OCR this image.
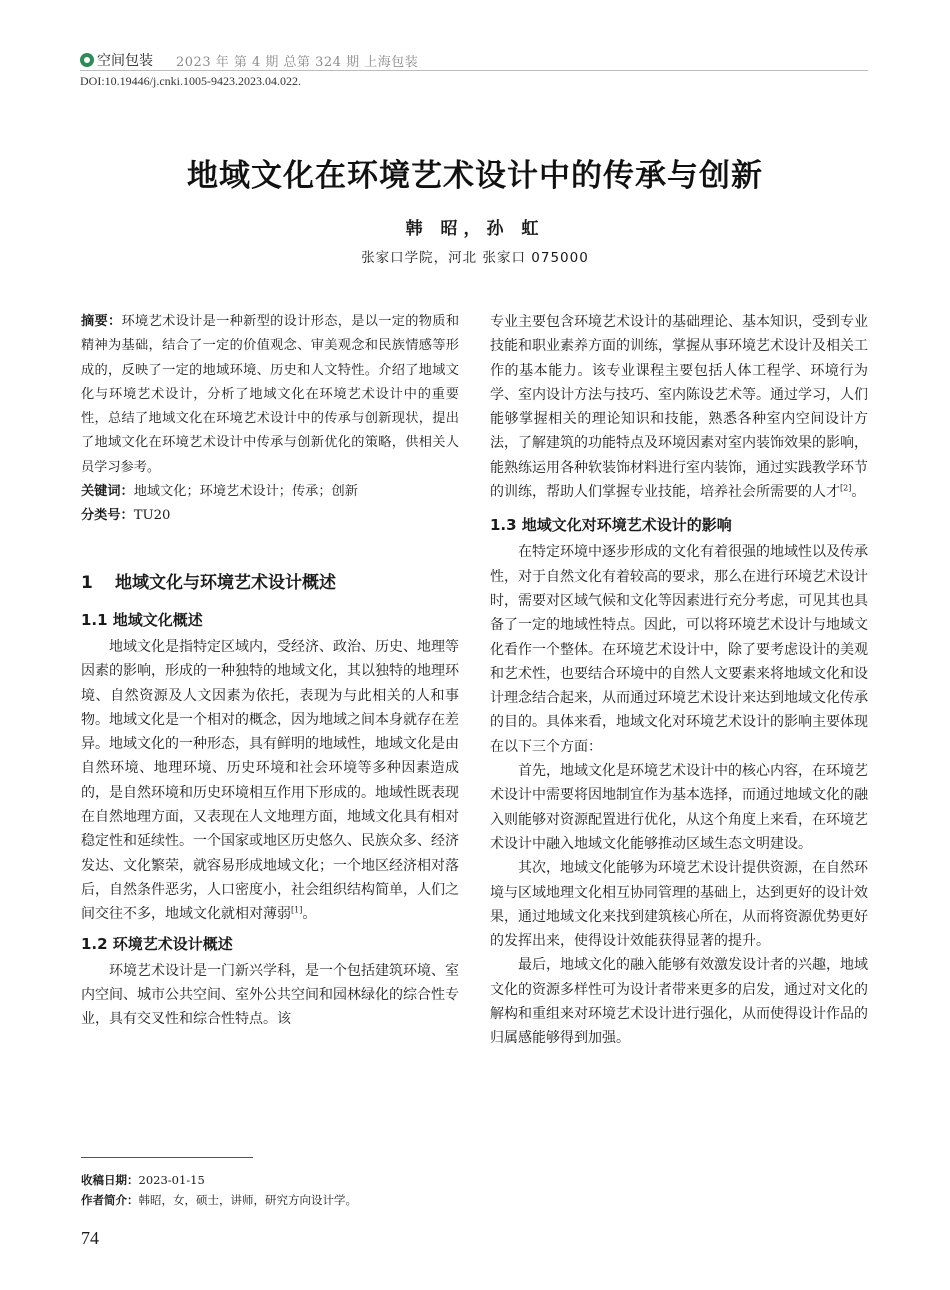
空间包装 2023 年 第 4 期 总第 324 期 上海包装
DOI:10.19446/j.cnki.1005-9423.2023.04.022.
地域文化在环境艺术设计中的传承与创新
韩 昭，孙 虹
张家口学院，河北 张家口 075000
摘要：环境艺术设计是一种新型的设计形态，是以一定的物质和精神为基础，结合了一定的价值观念、审美观念和民族情感等形成的，反映了一定的地域环境、历史和人文特性。介绍了地域文化与环境艺术设计，分析了地域文化在环境艺术设计中的重要性，总结了地域文化在环境艺术设计中的传承与创新现状，提出了地域文化在环境艺术设计中传承与创新优化的策略，供相关人员学习参考。
关键词：地域文化；环境艺术设计；传承；创新
分类号：TU20
1 地域文化与环境艺术设计概述
1.1 地域文化概述

地域文化是指特定区域内，受经济、政治、历史、地理等因素的影响，形成的一种独特的地域文化，其以独特的地理环境、自然资源及人文因素为依托，表现为与此相关的人和事物。地域文化是一个相对的概念，因为地域之间本身就存在差异。地域文化的一种形态，具有鲜明的地域性，地域文化是由自然环境、地理环境、历史环境和社会环境等多种因素造成的，是自然环境和历史环境相互作用下形成的。地域性既表现在自然地理方面，又表现在人文地理方面，地域文化具有相对稳定性和延续性。一个国家或地区历史悠久、民族众多、经济发达、文化繁荣，就容易形成地域文化；一个地区经济相对落后，自然条件恶劣，人口密度小，社会组织结构简单，人们之间交往不多，地域文化就相对薄弱[1]。

1.2 环境艺术设计概述

环境艺术设计是一门新兴学科，是一个包括建筑环境、室内空间、城市公共空间、室外公共空间和园林绿化的综合性专业，具有交叉性和综合性特点。该

专业主要包含环境艺术设计的基础理论、基本知识，受到专业技能和职业素养方面的训练，掌握从事环境艺术设计及相关工作的基本能力。该专业课程主要包括人体工程学、环境行为学、室内设计方法与技巧、室内陈设艺术等。通过学习，人们能够掌握相关的理论知识和技能，熟悉各种室内空间设计方法，了解建筑的功能特点及环境因素对室内装饰效果的影响，能熟练运用各种软装饰材料进行室内装饰，通过实践教学环节的训练，帮助人们掌握专业技能，培养社会所需要的人才[2]。

1.3 地域文化对环境艺术设计的影响

在特定环境中逐步形成的文化有着很强的地域性以及传承性，对于自然文化有着较高的要求，那么在进行环境艺术设计时，需要对区域气候和文化等因素进行充分考虑，可见其也具备了一定的地域性特点。因此，可以将环境艺术设计与地域文化看作一个整体。在环境艺术设计中，除了要考虑设计的美观和艺术性，也要结合环境中的自然人文要素来将地域文化和设计理念结合起来，从而通过环境艺术设计来达到地域文化传承的目的。具体来看，地域文化对环境艺术设计的影响主要体现在以下三个方面：

首先，地域文化是环境艺术设计中的核心内容，在环境艺术设计中需要将因地制宜作为基本选择，而通过地域文化的融入则能够对资源配置进行优化，从这个角度上来看，在环境艺术设计中融入地域文化能够推动区域生态文明建设。

其次，地域文化能够为环境艺术设计提供资源，在自然环境与区域地理文化相互协同管理的基础上，达到更好的设计效果，通过地域文化来找到建筑核心所在，从而将资源优势更好的发挥出来，使得设计效能获得显著的提升。

最后，地域文化的融入能够有效激发设计者的兴趣，地域文化的资源多样性可为设计者带来更多的启发，通过对文化的解构和重组来对环境艺术设计进行强化，从而使得设计作品的归属感能够得到加强。

收稿日期：2023-01-15
作者简介：韩昭，女，硕士，讲师，研究方向设计学。
74
